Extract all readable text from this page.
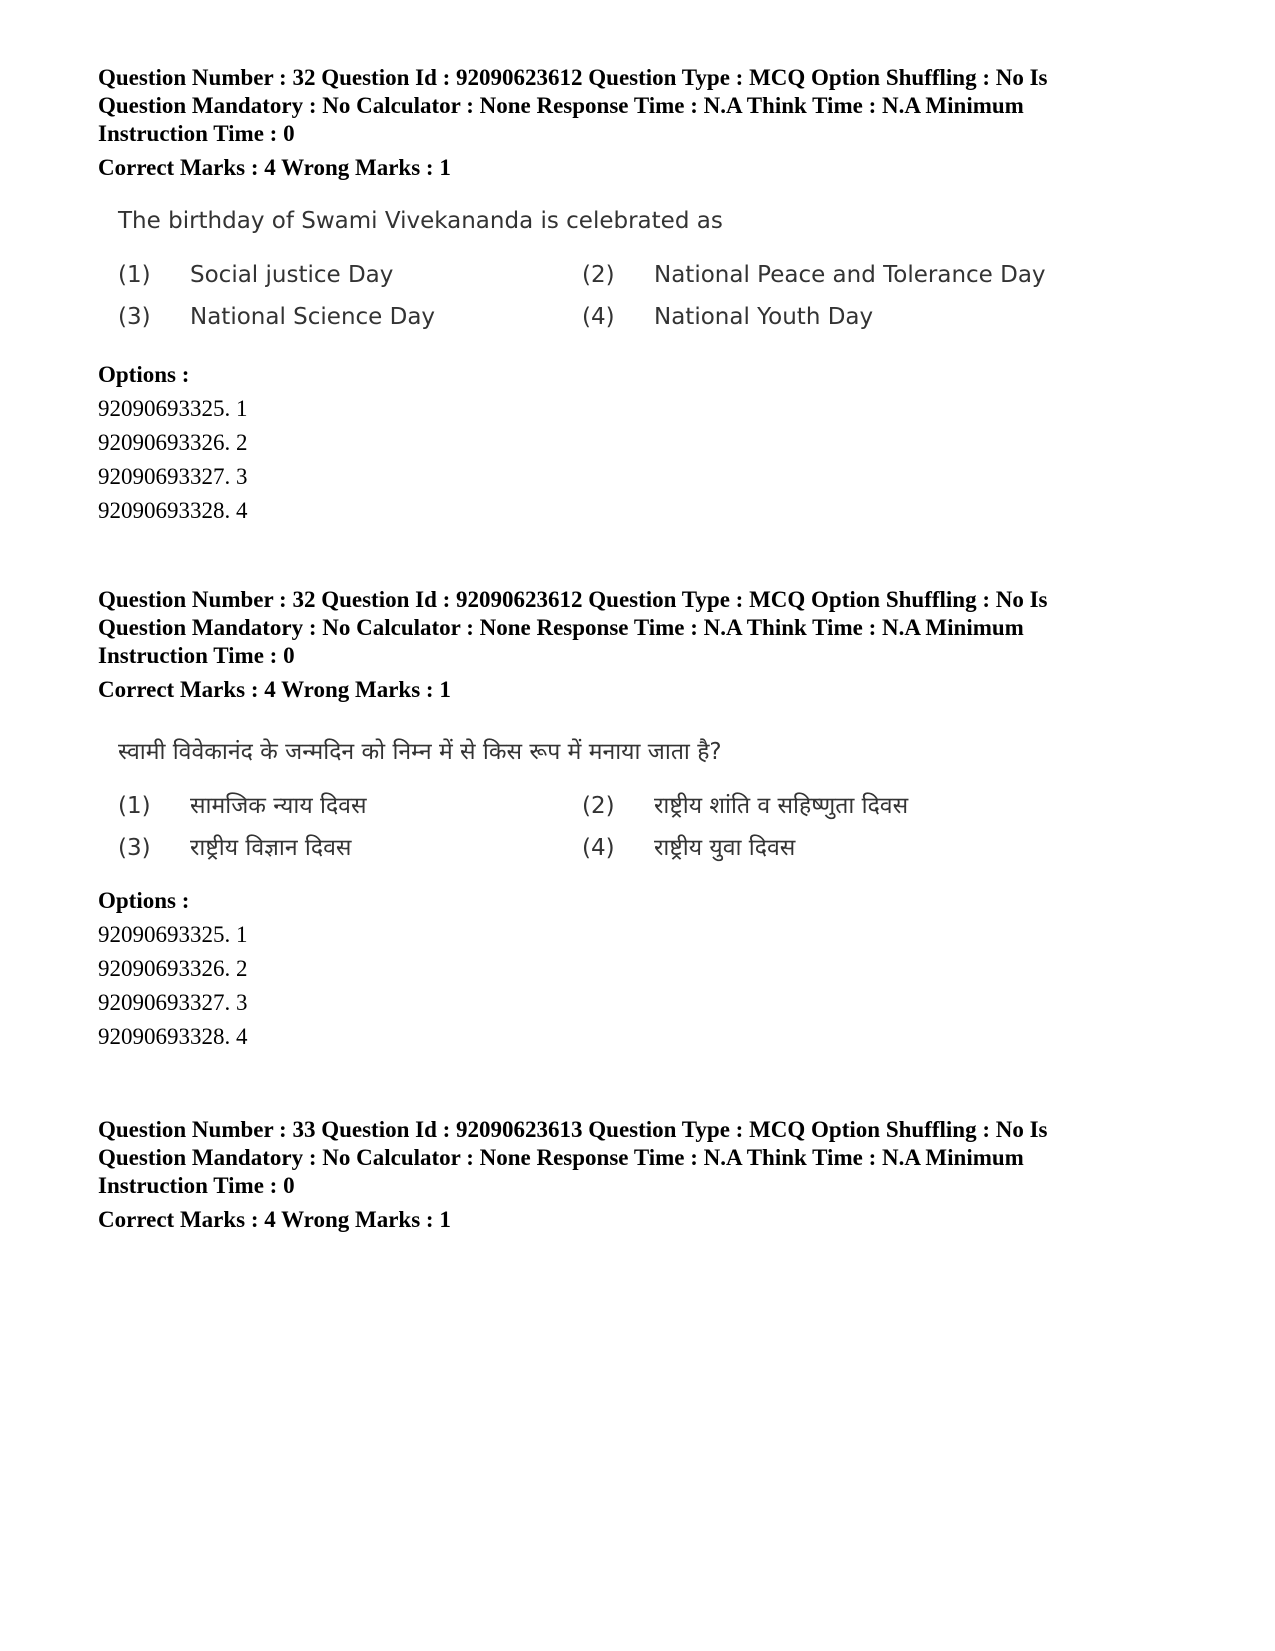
Question Number : 32 Question Id : 92090623612 Question Type : MCQ Option Shuffling : No Is

Question Mandatory : No Calculator : None Response Time : N.A Think Time : N.A Minimum

Instruction Time : 0

Correct Marks : 4 Wrong Marks : 1

The birthday of Swami Vivekananda is celebrated as
(1) Social justice Day	(2) National Peace and Tolerance Day
(3) National Science Day	(4) National Youth Day

Options :

92090693325. 1

92090693326. 2

92090693327. 3

92090693328. 4

Question Number : 32 Question Id : 92090623612 Question Type : MCQ Option Shuffling : No Is

Question Mandatory : No Calculator : None Response Time : N.A Think Time : N.A Minimum

Instruction Time : 0

Correct Marks : 4 Wrong Marks : 1

स्वामी विवेकानंद के जन्मदिन को निम्न में से किस रूप में मनाया जाता है?
(1) सामजिक न्याय दिवस	(2) राष्ट्रीय शांति व सहिष्णुता दिवस
(3) राष्ट्रीय विज्ञान दिवस	(4) राष्ट्रीय युवा दिवस

Options :

92090693325. 1

92090693326. 2

92090693327. 3

92090693328. 4

Question Number : 33 Question Id : 92090623613 Question Type : MCQ Option Shuffling : No Is

Question Mandatory : No Calculator : None Response Time : N.A Think Time : N.A Minimum

Instruction Time : 0

Correct Marks : 4 Wrong Marks : 1
